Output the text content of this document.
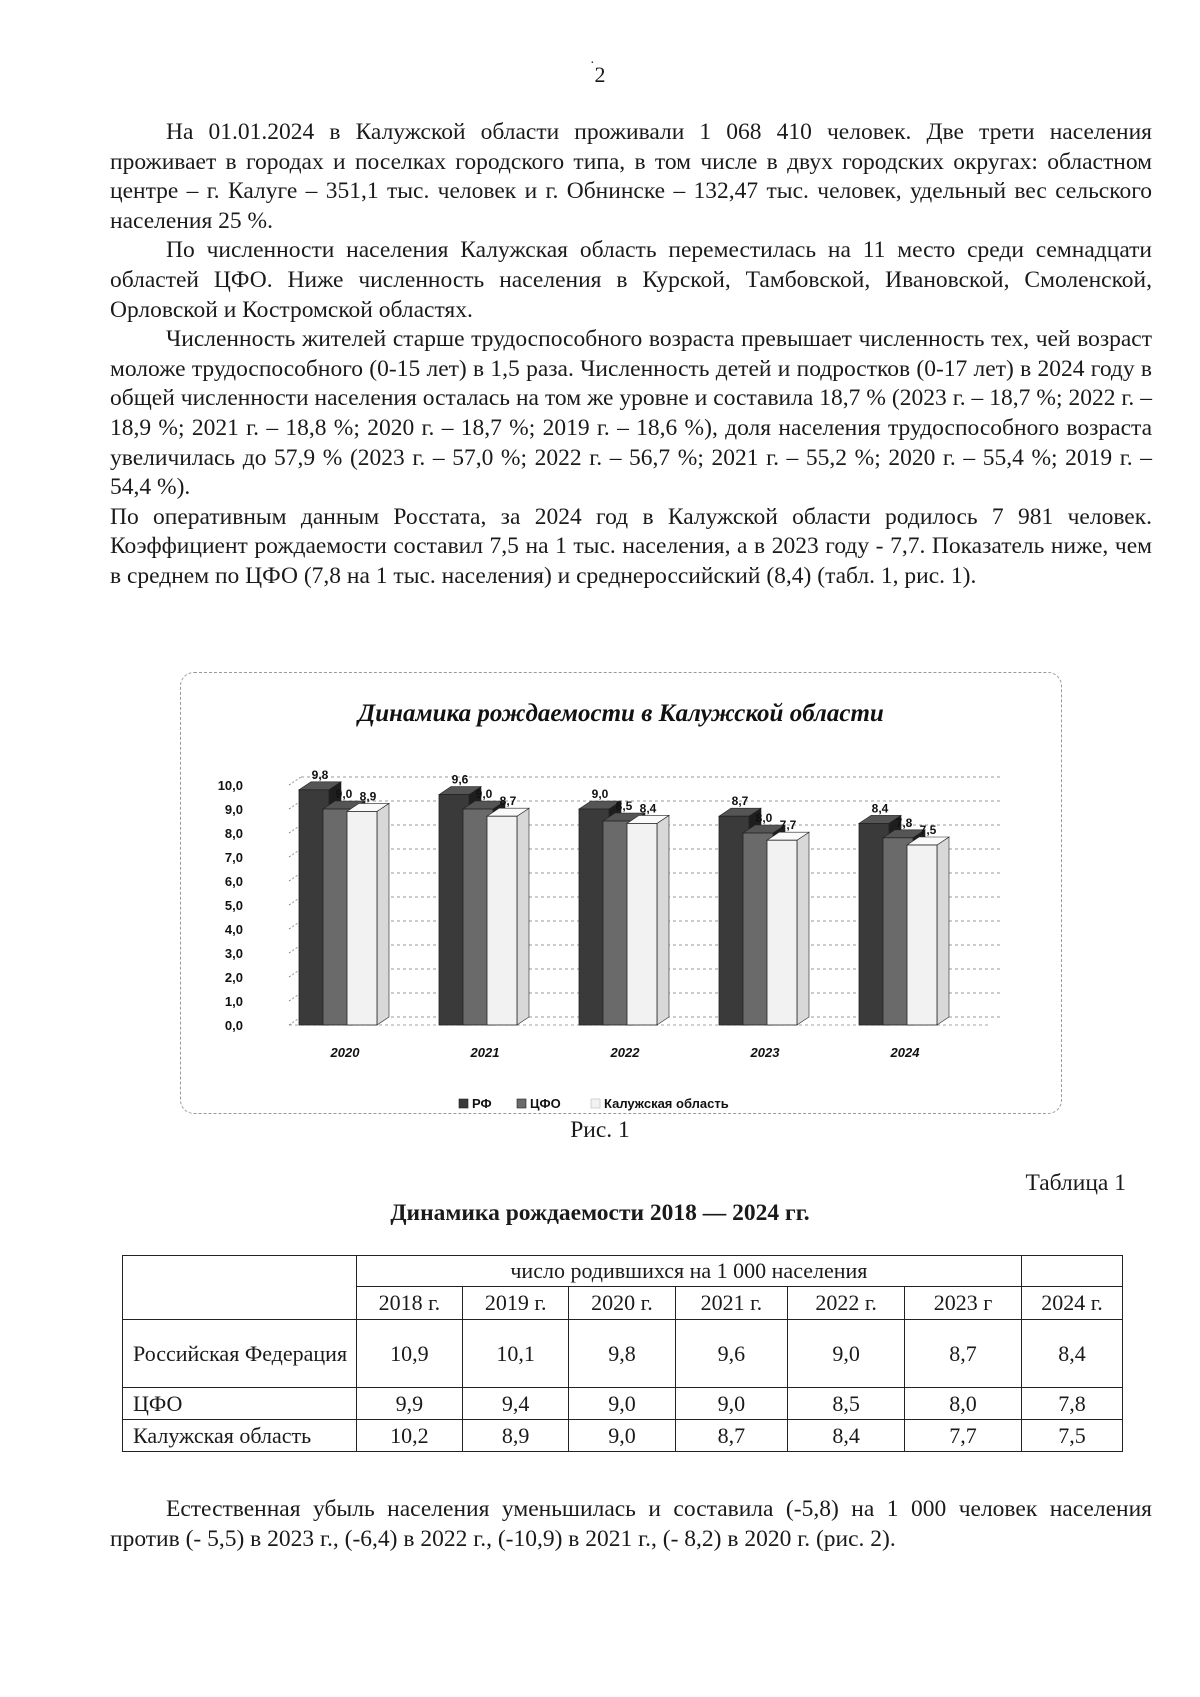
· 2

На 01.01.2024 в Калужской области проживали 1 068 410 человек. Две трети населения проживает в городах и поселках городского типа, в том числе в двух городских округах: областном центре – г. Калуге – 351,1 тыс. человек и г. Обнинске – 132,47 тыс. человек, удельный вес сельского населения 25 %.

По численности населения Калужская область переместилась на 11 место среди семнадцати областей ЦФО. Ниже численность населения в Курской, Тамбовской, Ивановской, Смоленской, Орловской и Костромской областях.

Численность жителей старше трудоспособного возраста превышает численность тех, чей возраст моложе трудоспособного (0-15 лет) в 1,5 раза. Численность детей и подростков (0-17 лет) в 2024 году в общей численности населения осталась на том же уровне и составила 18,7 % (2023 г. – 18,7 %; 2022 г. – 18,9 %; 2021 г. – 18,8 %; 2020 г. – 18,7 %; 2019 г. – 18,6 %), доля населения трудоспособного возраста увеличилась до 57,9 % (2023 г. – 57,0 %; 2022 г. – 56,7 %; 2021 г. – 55,2 %; 2020 г. – 55,4 %; 2019 г. – 54,4 %).

По оперативным данным Росстата, за 2024 год в Калужской области родилось 7 981 человек. Коэффициент рождаемости составил 7,5 на 1 тыс. населения, а в 2023 году - 7,7. Показатель ниже, чем в среднем по ЦФО (7,8 на 1 тыс. населения) и среднероссийский (8,4) (табл. 1, рис. 1).

Динамика рождаемости в Калужской области
0,0
1,0
2,0
3,0
4,0
5,0
6,0
7,0
8,0
9,0
10,0
9,8
9,0 8,9
2020
9,6
9,0
8,7
2021
9,0
8,5 8,4
2022
8,7
8,0
7,7
2023
8,4
7,8
7,5
2024
РФ	ЦФО	Калужская область
Рис. 1
Таблица 1
Динамика рождаемости 2018 — 2024 гг.
	число родившихся на 1 000 населения						
	2018 г.	2019 г.	2020 г.	2021 г.	2022 г.	2023 г	2024 г.
Российская Федерация	10,9	10,1	9,8	9,6	9,0	8,7	8,4
ЦФО	9,9	9,4	9,0	9,0	8,5	8,0	7,8
Калужская область	10,2	8,9	9,0	8,7	8,4	7,7	7,5

Естественная убыль населения уменьшилась и составила (-5,8) на 1 000 человек населения против (- 5,5) в 2023 г., (-6,4) в 2022 г., (-10,9) в 2021 г., (- 8,2) в 2020 г. (рис. 2).
